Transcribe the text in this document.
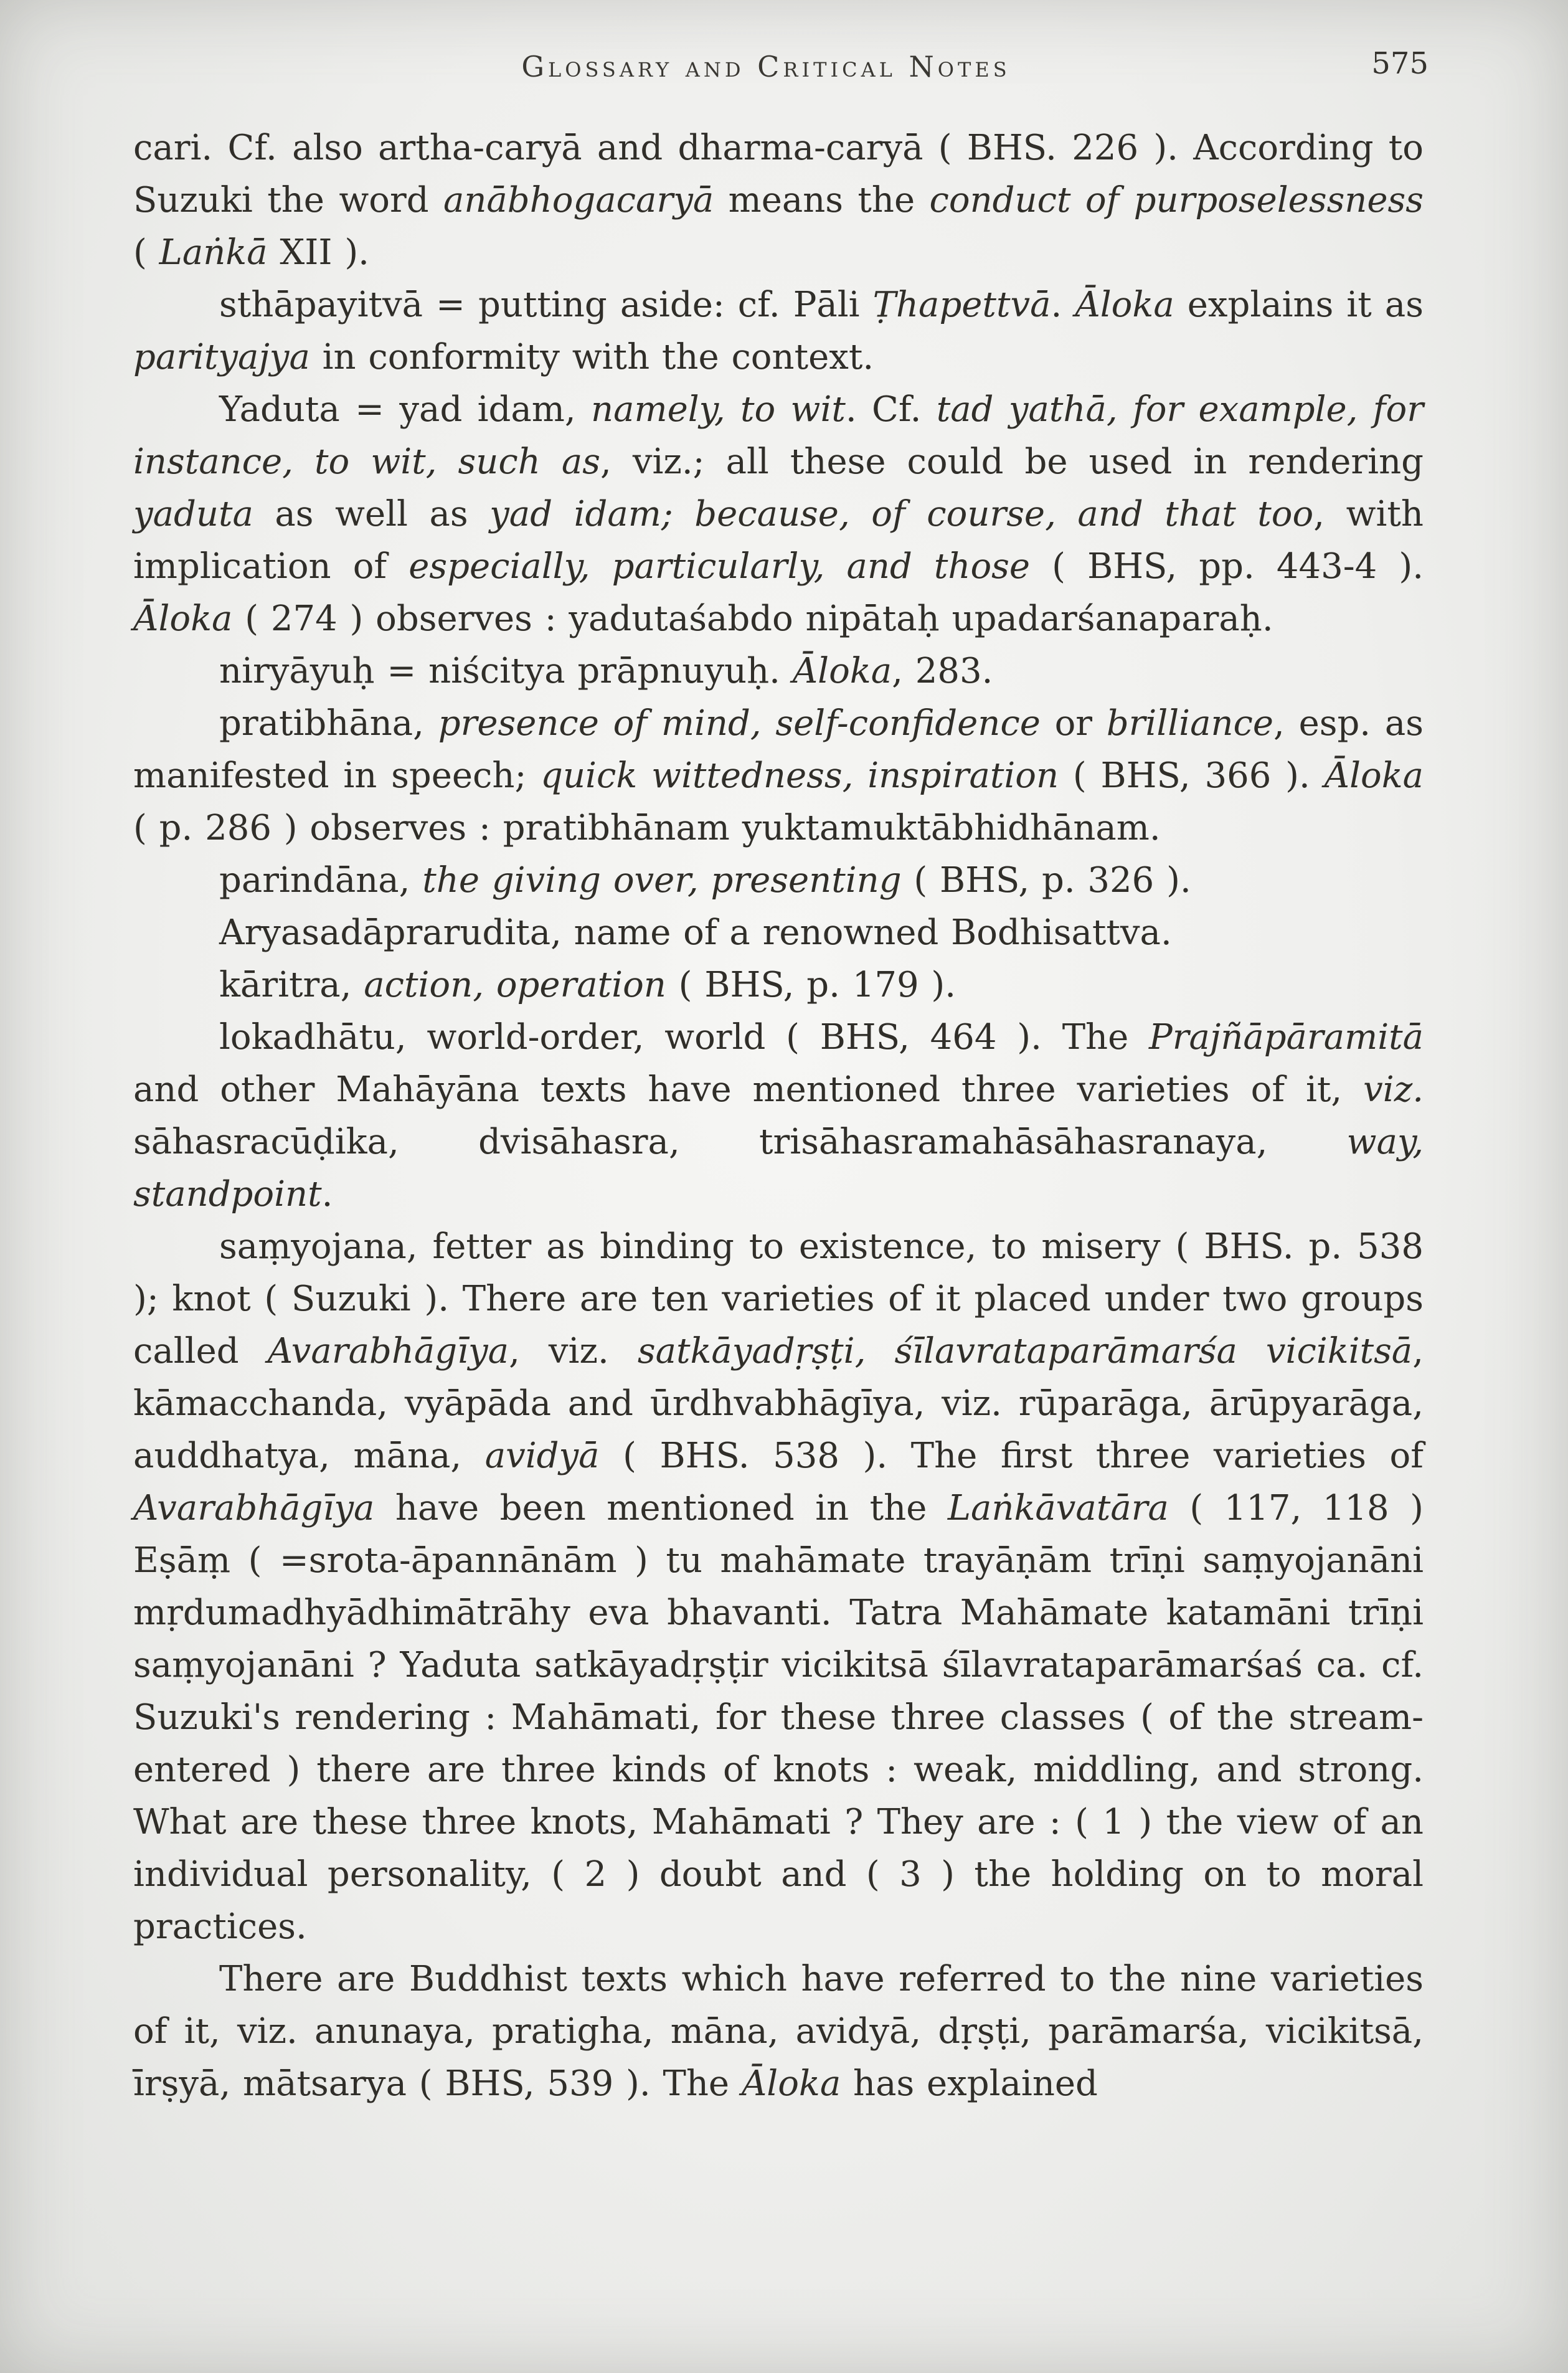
Glossary and Critical Notes	575

cari. Cf. also artha-caryā and dharma-caryā ( BHS. 226 ). According to Suzuki the word anābhogacaryā means the conduct of purposelessness ( Laṅkā XII ).

sthāpayitvā = putting aside: cf. Pāli Ṭhapettvā. Āloka explains it as parityajya in conformity with the context.

Yaduta = yad idam, namely, to wit. Cf. tad yathā, for example, for instance, to wit, such as, viz.; all these could be used in rendering yaduta as well as yad idam; because, of course, and that too, with implication of especially, particularly, and those ( BHS, pp. 443-4 ). Āloka ( 274 ) observes : yadutaśabdo nipātaḥ upadarśanaparaḥ.

niryāyuḥ = niścitya prāpnuyuḥ. Āloka, 283.

pratibhāna, presence of mind, self-confidence or brilliance, esp. as manifested in speech; quick wittedness, inspiration ( BHS, 366 ). Āloka ( p. 286 ) observes : pratibhānam yuktamuktābhidhānam.

parindāna, the giving over, presenting ( BHS, p. 326 ).

Aryasadāprarudita, name of a renowned Bodhisattva.

kāritra, action, operation ( BHS, p. 179 ).

lokadhātu, world-order, world ( BHS, 464 ). The Prajñāpāramitā and other Mahāyāna texts have mentioned three varieties of it, viz. sāhasracūḍika, dvisāhasra, trisāhasramahāsāhasranaya, way, standpoint.

saṃyojana, fetter as binding to existence, to misery ( BHS. p. 538 ); knot ( Suzuki ). There are ten varieties of it placed under two groups called Avarabhāgīya, viz. satkāyadṛṣṭi, śīlavrataparāmarśa vicikitsā, kāmacchanda, vyāpāda and ūrdhvabhāgīya, viz. rūparāga, ārūpyarāga, auddhatya, māna, avidyā ( BHS. 538 ). The first three varieties of Avarabhāgīya have been mentioned in the Laṅkāvatāra ( 117, 118 ) Eṣāṃ ( =srota-āpannānām ) tu mahāmate trayāṇām trīṇi saṃyojanāni mṛdumadhyādhimātrāhy eva bhavanti. Tatra Mahāmate katamāni trīṇi saṃyojanāni ? Yaduta satkāyadṛṣṭir vicikitsā śīlavrataparāmarśaś ca. cf. Suzuki's rendering : Mahāmati, for these three classes ( of the stream-entered ) there are three kinds of knots : weak, middling, and strong. What are these three knots, Mahāmati ? They are : ( 1 ) the view of an individual personality, ( 2 ) doubt and ( 3 ) the holding on to moral practices.

There are Buddhist texts which have referred to the nine varieties of it, viz. anunaya, pratigha, māna, avidyā, dṛṣṭi, parāmarśa, vicikitsā, īrṣyā, mātsarya ( BHS, 539 ). The Āloka has explained
